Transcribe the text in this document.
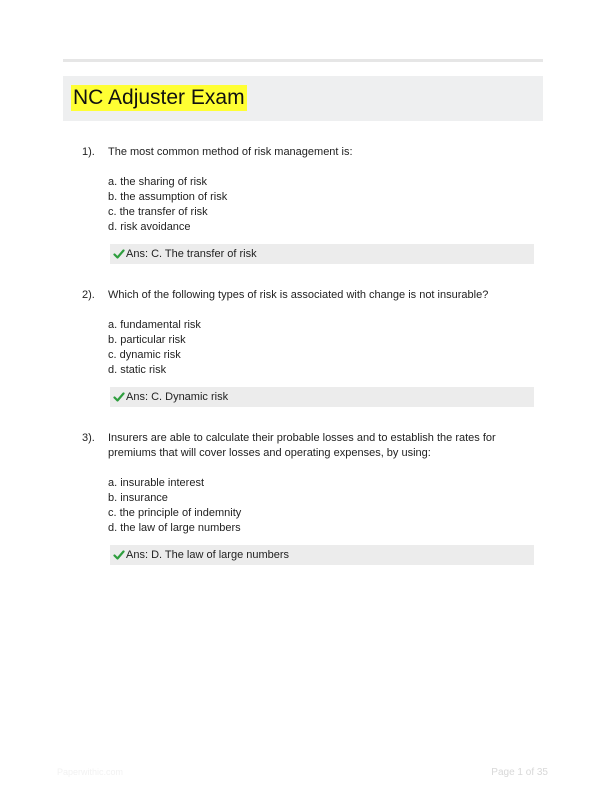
NC Adjuster Exam
1). The most common method of risk management is:

a. the sharing of risk
b. the assumption of risk
c. the transfer of risk
d. risk avoidance
Ans: C. The transfer of risk
2). Which of the following types of risk is associated with change is not insurable?

a. fundamental risk
b. particular risk
c. dynamic risk
d. static risk
Ans: C. Dynamic risk
3). Insurers are able to calculate their probable losses and to establish the rates for premiums that will cover losses and operating expenses, by using:

a. insurable interest
b. insurance
c. the principle of indemnity
d. the law of large numbers
Ans: D. The law of large numbers
Paperwithic.com	Page 1 of 35
